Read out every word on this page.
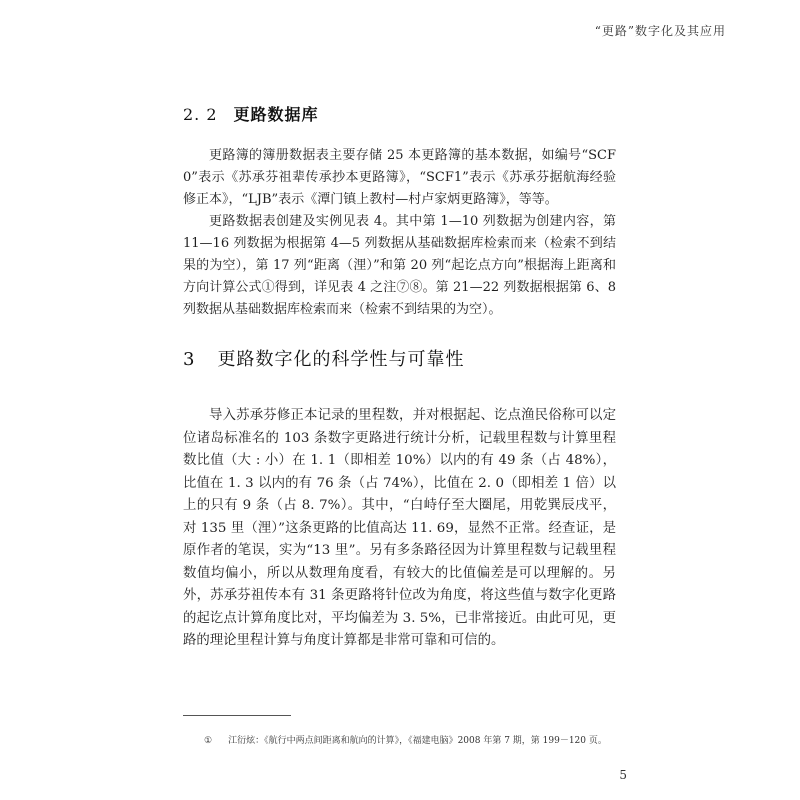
“更路”数字化及其应用
2. 2 更路数据库

更路簿的簿册数据表主要存储 25 本更路簿的基本数据，如编号“SCF0”表示《苏承芬祖辈传承抄本更路簿》，“SCF1”表示《苏承芬据航海经验修正本》，“LJB”表示《潭门镇上教村—村卢家炳更路簿》，等等。

更路数据表创建及实例见表 4。其中第 1—10 列数据为创建内容，第 11—16 列数据为根据第 4—5 列数据从基础数据库检索而来（检索不到结果的为空），第 17 列“距离（浬）”和第 20 列“起讫点方向”根据海上距离和方向计算公式①得到，详见表 4 之注⑦⑧。第 21—22 列数据根据第 6、8 列数据从基础数据库检索而来（检索不到结果的为空）。

3 更路数字化的科学性与可靠性

导入苏承芬修正本记录的里程数，并对根据起、讫点渔民俗称可以定位诸岛标准名的 103 条数字更路进行统计分析，记载里程数与计算里程数比值（大 : 小）在 1. 1（即相差 10%）以内的有 49 条（占 48%），比值在 1. 3 以内的有 76 条（占 74%），比值在 2. 0（即相差 1 倍）以上的只有 9 条（占 8. 7%）。其中，“白峙仔至大圈尾，用乾巽辰戌平，对 135 里（浬）”这条更路的比值高达 11. 69，显然不正常。经查证，是原作者的笔误，实为“13 里”。另有多条路径因为计算里程数与记载里程数值均偏小，所以从数理角度看，有较大的比值偏差是可以理解的。另外，苏承芬祖传本有 31 条更路将针位改为角度，将这些值与数字化更路的起讫点计算角度比对，平均偏差为 3. 5%，已非常接近。由此可见，更路的理论里程计算与角度计算都是非常可靠和可信的。

① 江衍炫：《航行中两点间距离和航向的计算》，《福建电脑》2008 年第 7 期，第 199－120 页。
5
